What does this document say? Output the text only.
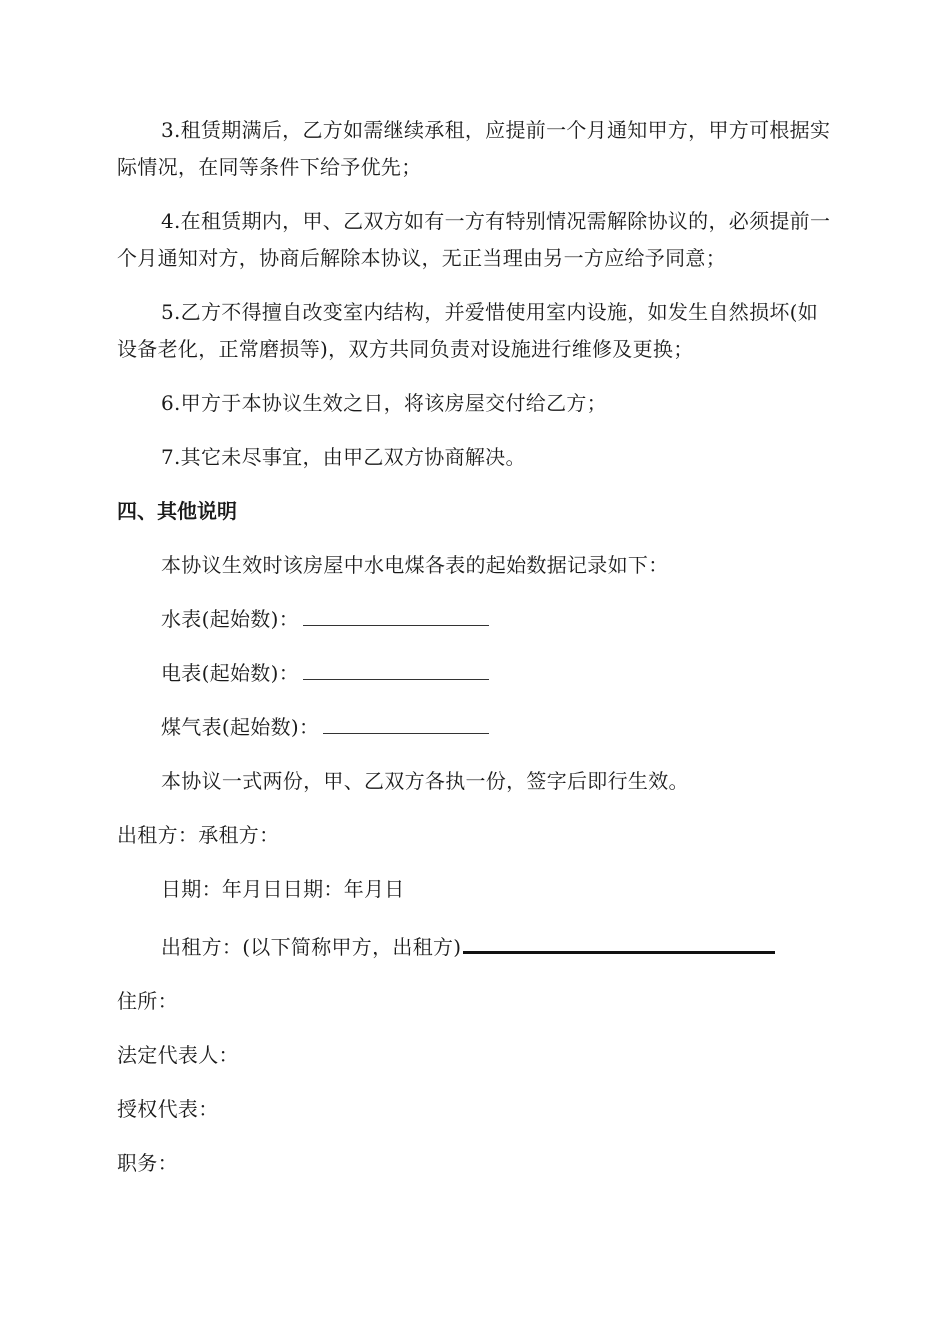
3.租赁期满后，乙方如需继续承租，应提前一个月通知甲方，甲方可根据实际情况，在同等条件下给予优先；

4.在租赁期内，甲、乙双方如有一方有特别情况需解除协议的，必须提前一个月通知对方，协商后解除本协议，无正当理由另一方应给予同意；

5.乙方不得擅自改变室内结构，并爱惜使用室内设施，如发生自然损坏(如设备老化，正常磨损等)，双方共同负责对设施进行维修及更换；

6.甲方于本协议生效之日，将该房屋交付给乙方；

7.其它未尽事宜，由甲乙双方协商解决。

四、其他说明

本协议生效时该房屋中水电煤各表的起始数据记录如下：

水表(起始数)：

电表(起始数)：

煤气表(起始数)：

本协议一式两份，甲、乙双方各执一份，签字后即行生效。

出租方：承租方：

日期：年月日日期：年月日

出租方：(以下简称甲方，出租方)

住所：

法定代表人：

授权代表：

职务：
